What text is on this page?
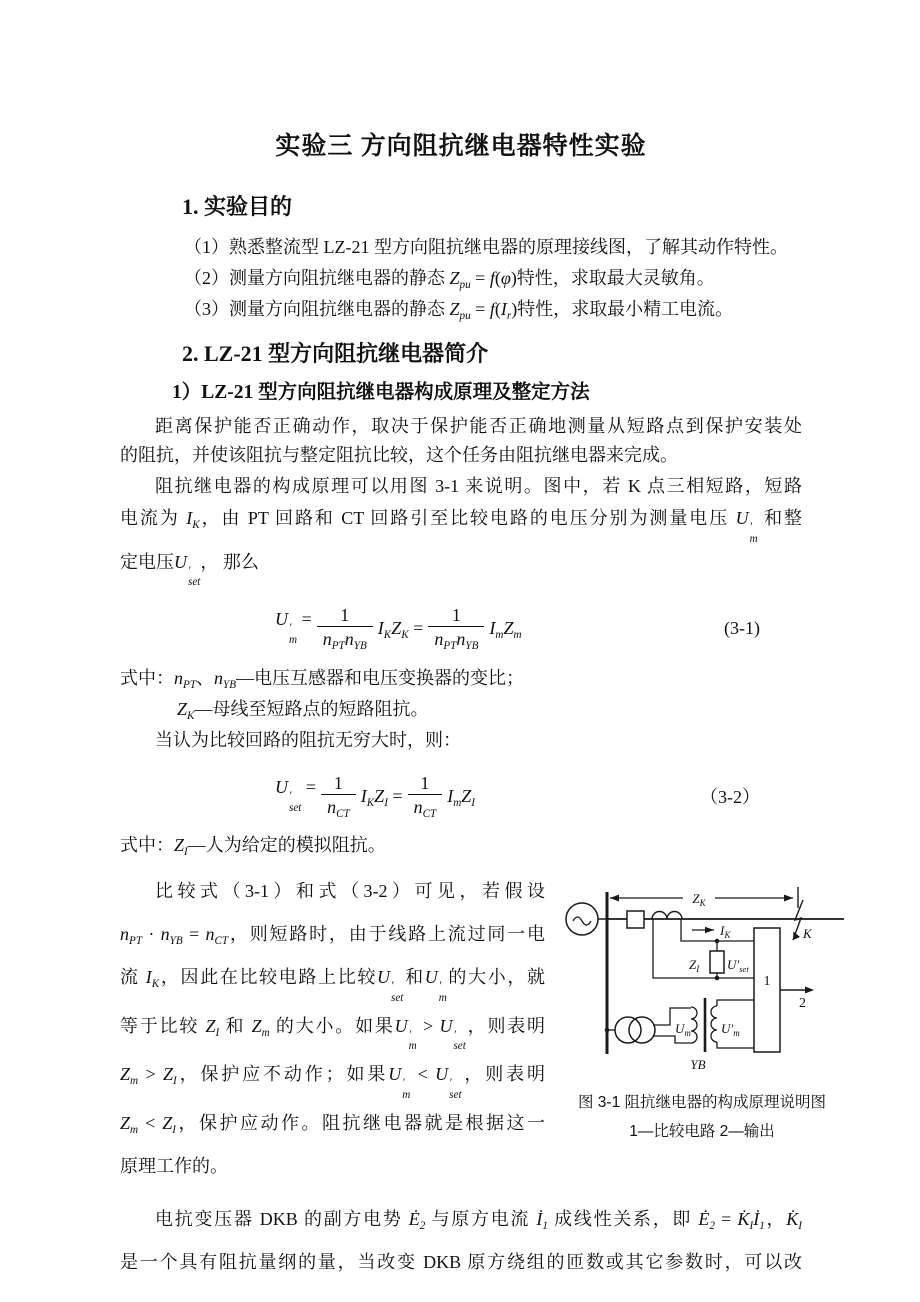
实验三 方向阻抗继电器特性实验
1. 实验目的
（1）熟悉整流型 LZ-21 型方向阻抗继电器的原理接线图，了解其动作特性。
（2）测量方向阻抗继电器的静态 $Z_{pu} = f(\varphi)$特性，求取最大灵敏角。
（3）测量方向阻抗继电器的静态 $Z_{pu} = f(I_r)$特性，求取最小精工电流。
2. LZ-21 型方向阻抗继电器简介
1）LZ-21 型方向阻抗继电器构成原理及整定方法
距离保护能否正确动作，取决于保护能否正确地测量从短路点到保护安装处
的阻抗，并使该阻抗与整定阻抗比较，这个任务由阻抗继电器来完成。
阻抗继电器的构成原理可以用图 3-1 来说明。图中，若 K 点三相短路，短路
电流为 $I_K$，由 PT 回路和 CT 回路引至比较电路的电压分别为测量电压 U ′
m
和整
定电压U ′
set
， 那么
U ′
m
= $\frac{1}{n_{PT}n_{YB}} I_KZ_K = \frac{1}{n_{PT}n_{YB}} I_mZ_m$	(3-1)
式中：$n_{PT}$、$n_{YB}—$电压互感器和电压变换器的变比；
$Z_K—$母线至短路点的短路阻抗。
当认为比较回路的阻抗无穷大时，则：
U ′
set
= $\frac{1}{n_{CT}} I_KZ_I = \frac{1}{n_{CT}} I_mZ_I$	（3-2）
式中：$Z_I—$人为给定的模拟阻抗。
$Z_K$
K
$I_K$
$Z_I$ $U'_{set}$
1
2
$U_m$ $U'_m$
YB
图 3-1 阻抗继电器的构成原理说明图
1—比较电路 2—输出
比较式（3-1）和式（3-2）可见，若假设
$n_{PT} \cdot n_{YB} = n_{CT}$，则短路时，由于线路上流过同一电
流 $I_K$，因此在比较电路上比较U ′
set
和U ′
m
的大小，就
等于比较 $Z_I$ 和 $Z_m$ 的大小。如果U ′
m
> U ′
set
，则表明
$Z_m > Z_I$，保护应不动作；如果U ′
m
< U ′
set
，则表明
$Z_m < Z_I$，保护应动作。阻抗继电器就是根据这一
原理工作的。
电抗变压器 DKB 的副方电势 $Ė_2$ 与原方电流 $İ_1$ 成线性关系，即 $Ė_2$ = $K̇_Iİ_1$，$K̇_I$
是一个具有阻抗量纲的量，当改变 DKB 原方绕组的匝数或其它参数时，可以改
